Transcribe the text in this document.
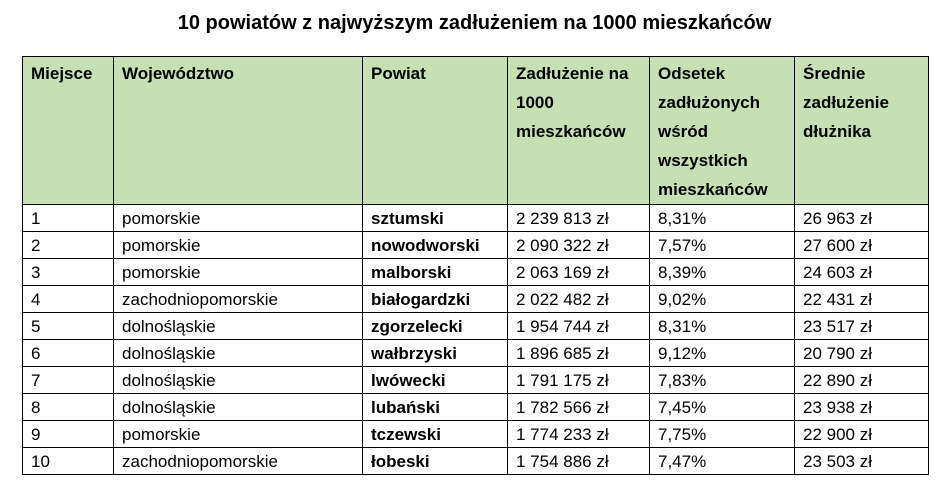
10 powiatów z najwyższym zadłużeniem na 1000 mieszkańców
Miejsce	Województwo	Powiat	Zadłużenie na 1000 mieszkańców	Odsetek zadłużonych wśród wszystkich mieszkańców	Średnie zadłużenie dłużnika
1	pomorskie	sztumski	2 239 813 zł	8,31%	26 963 zł
2	pomorskie	nowodworski	2 090 322 zł	7,57%	27 600 zł
3	pomorskie	malborski	2 063 169 zł	8,39%	24 603 zł
4	zachodniopomorskie	białogardzki	2 022 482 zł	9,02%	22 431 zł
5	dolnośląskie	zgorzelecki	1 954 744 zł	8,31%	23 517 zł
6	dolnośląskie	wałbrzyski	1 896 685 zł	9,12%	20 790 zł
7	dolnośląskie	lwówecki	1 791 175 zł	7,83%	22 890 zł
8	dolnośląskie	lubański	1 782 566 zł	7,45%	23 938 zł
9	pomorskie	tczewski	1 774 233 zł	7,75%	22 900 zł
10	zachodniopomorskie	łobeski	1 754 886 zł	7,47%	23 503 zł
